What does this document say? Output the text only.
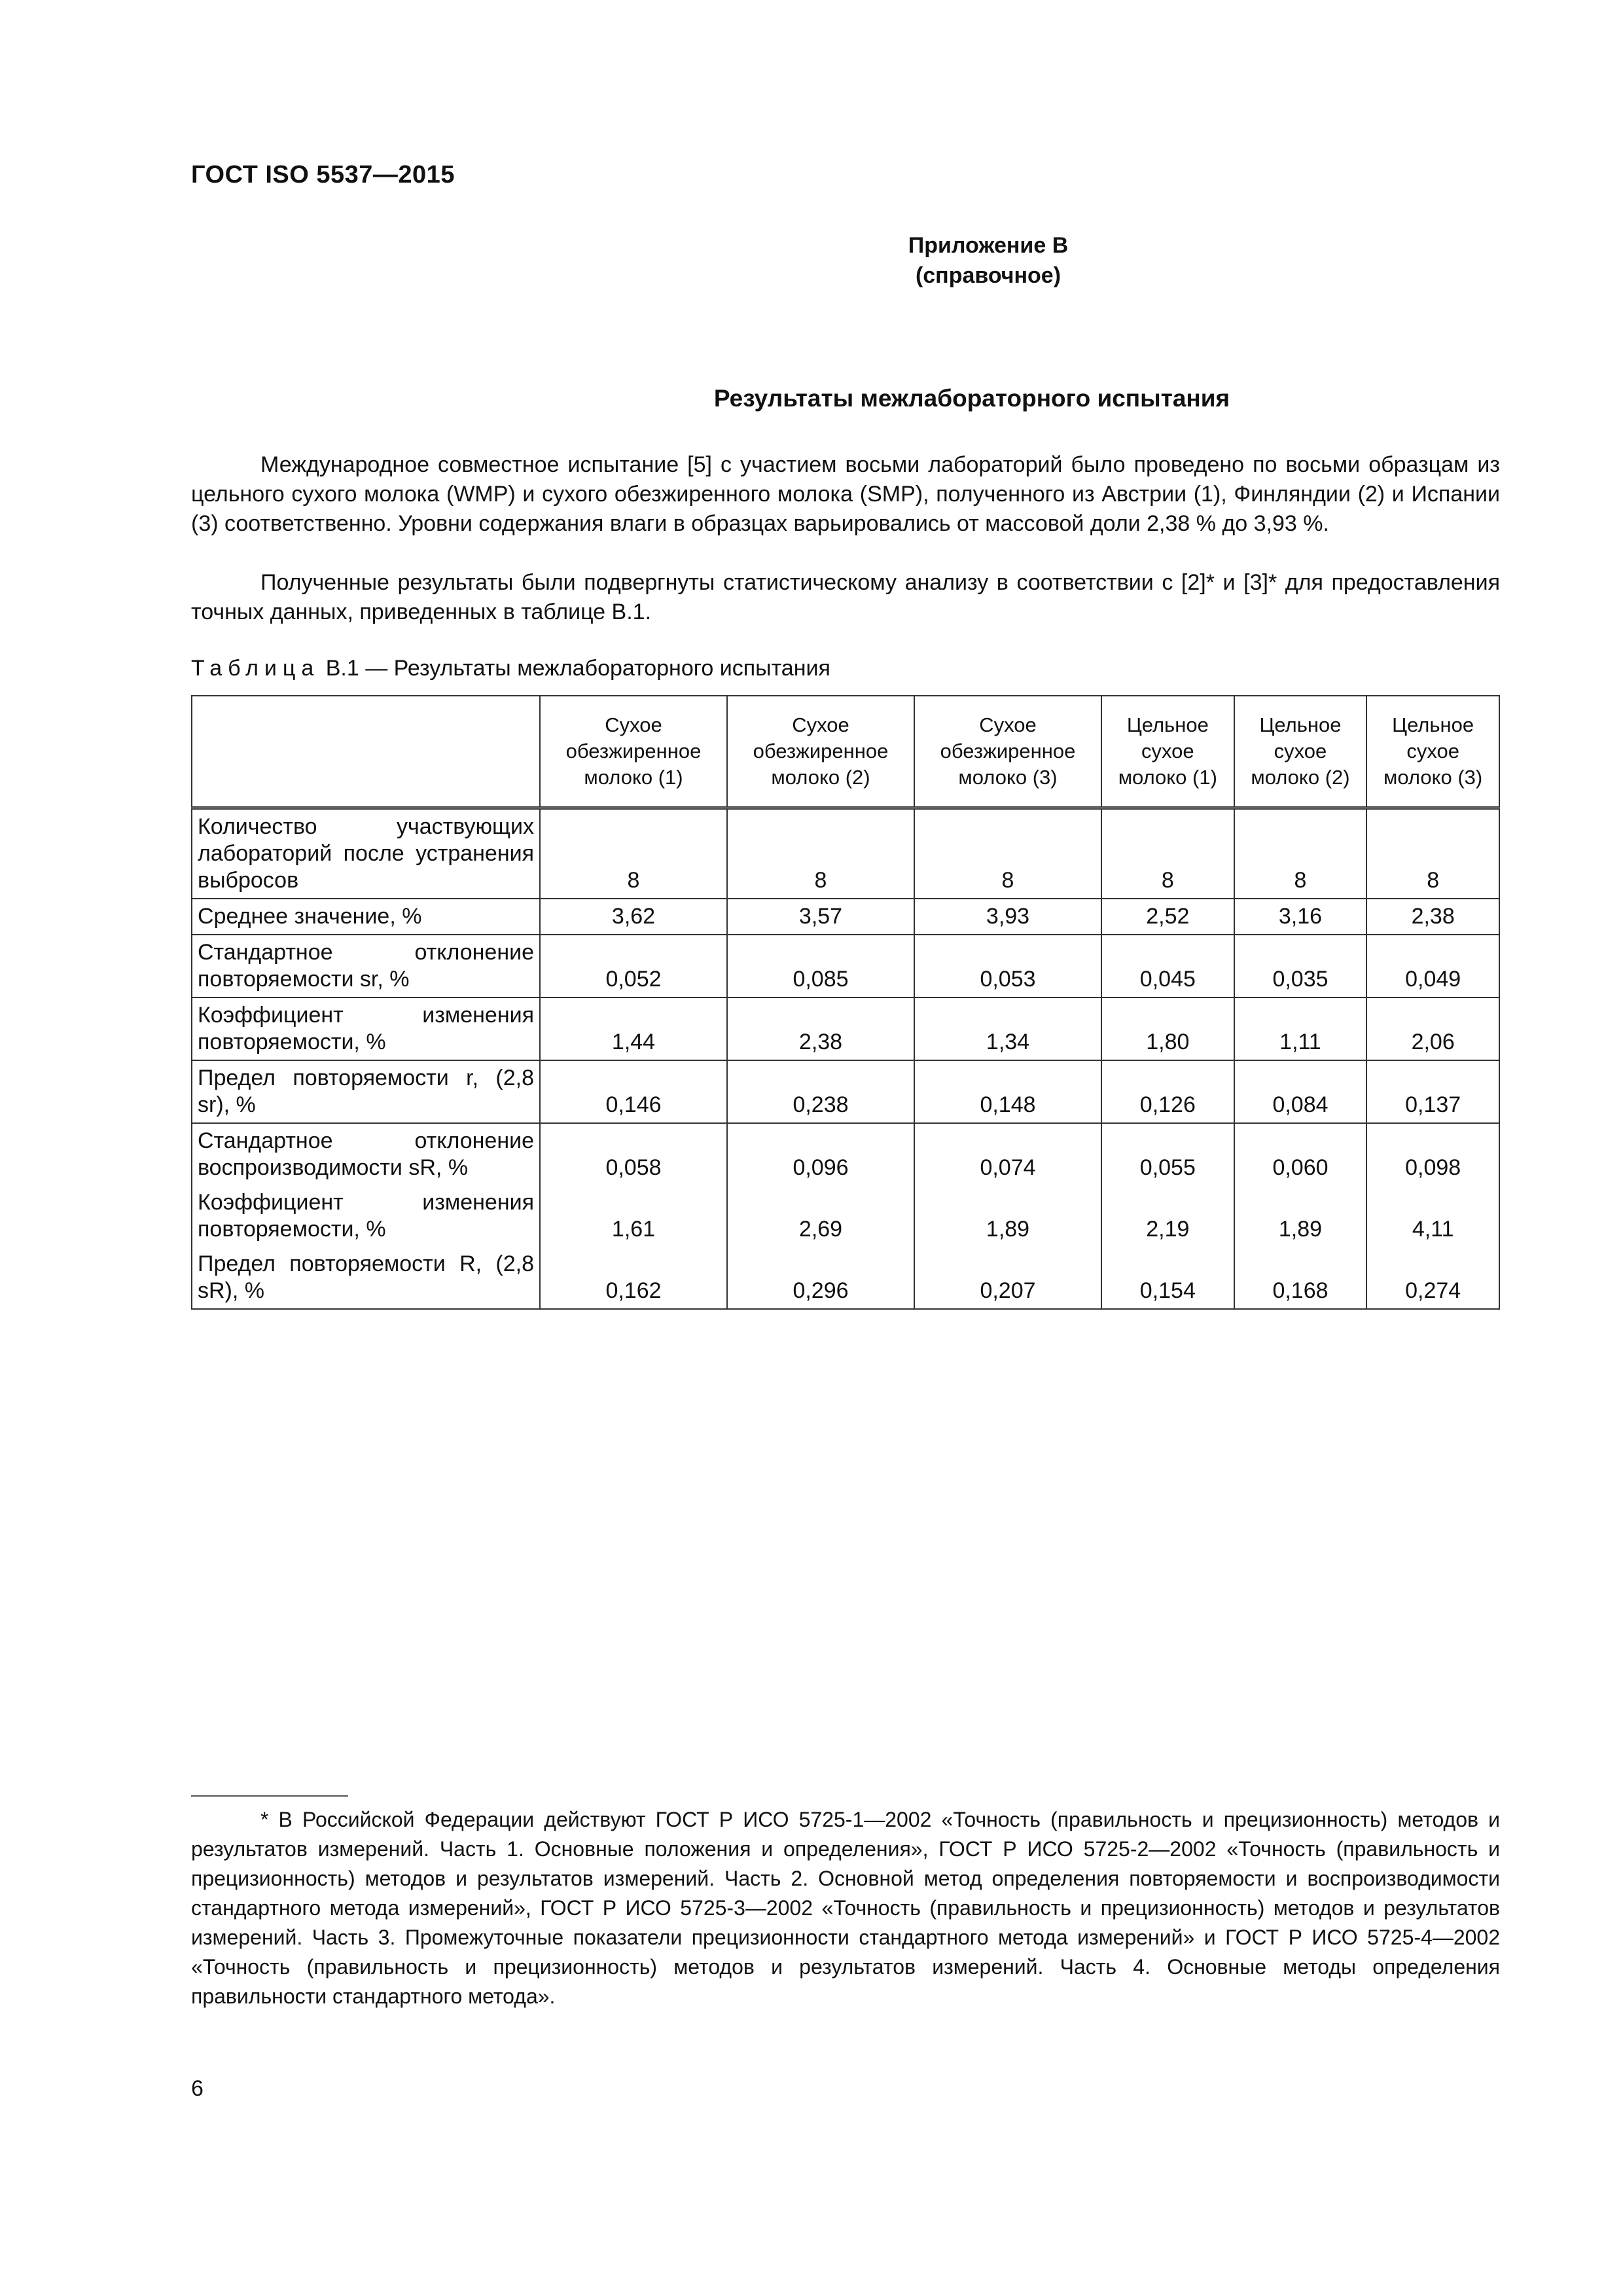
ГОСТ ISO 5537—2015
Приложение В
(справочное)
Результаты межлабораторного испытания

Международное совместное испытание [5] с участием восьми лабораторий было проведено по восьми образцам из цельного сухого молока (WMP) и сухого обезжиренного молока (SMP), полученного из Австрии (1), Финляндии (2) и Испании (3) соответственно. Уровни содержания влаги в образцах варьировались от массовой доли 2,38 % до 3,93 %.

Полученные результаты были подвергнуты статистическому анализу в соответствии с [2]* и [3]* для предоставления точных данных, приведенных в таблице В.1.

Таблица В.1 — Результаты межлабораторного испытания
	Сухое обезжиренное молоко (1)	Сухое обезжиренное молоко (2)	Сухое обезжиренное молоко (3)	Цельное сухое молоко (1)	Цельное сухое молоко (2)	Цельное сухое молоко (3)
Количество участвующих лабораторий после устранения выбросов	8	8	8	8	8	8
Среднее значение, %	3,62	3,57	3,93	2,52	3,16	2,38
Стандартное отклонение повторяемости sr, %	0,052	0,085	0,053	0,045	0,035	0,049
Коэффициент изменения повторяемости, %	1,44	2,38	1,34	1,80	1,11	2,06
Предел повторяемости r, (2,8 sr), %	0,146	0,238	0,148	0,126	0,084	0,137
Стандартное отклонение воспроизводимости sR, %	0,058	0,096	0,074	0,055	0,060	0,098
Коэффициент изменения повторяемости, %	1,61	2,69	1,89	2,19	1,89	4,11
Предел повторяемости R, (2,8 sR), %	0,162	0,296	0,207	0,154	0,168	0,274

* В Российской Федерации действуют ГОСТ Р ИСО 5725-1—2002 «Точность (правильность и прецизионность) методов и результатов измерений. Часть 1. Основные положения и определения», ГОСТ Р ИСО 5725-2—2002 «Точность (правильность и прецизионность) методов и результатов измерений. Часть 2. Основной метод определения повторяемости и воспроизводимости стандартного метода измерений», ГОСТ Р ИСО 5725-3—2002 «Точность (правильность и прецизионность) методов и результатов измерений. Часть 3. Промежуточные показатели прецизионности стандартного метода измерений» и ГОСТ Р ИСО 5725-4—2002 «Точность (правильность и прецизионность) методов и результатов измерений. Часть 4. Основные методы определения правильности стандартного метода».

6
